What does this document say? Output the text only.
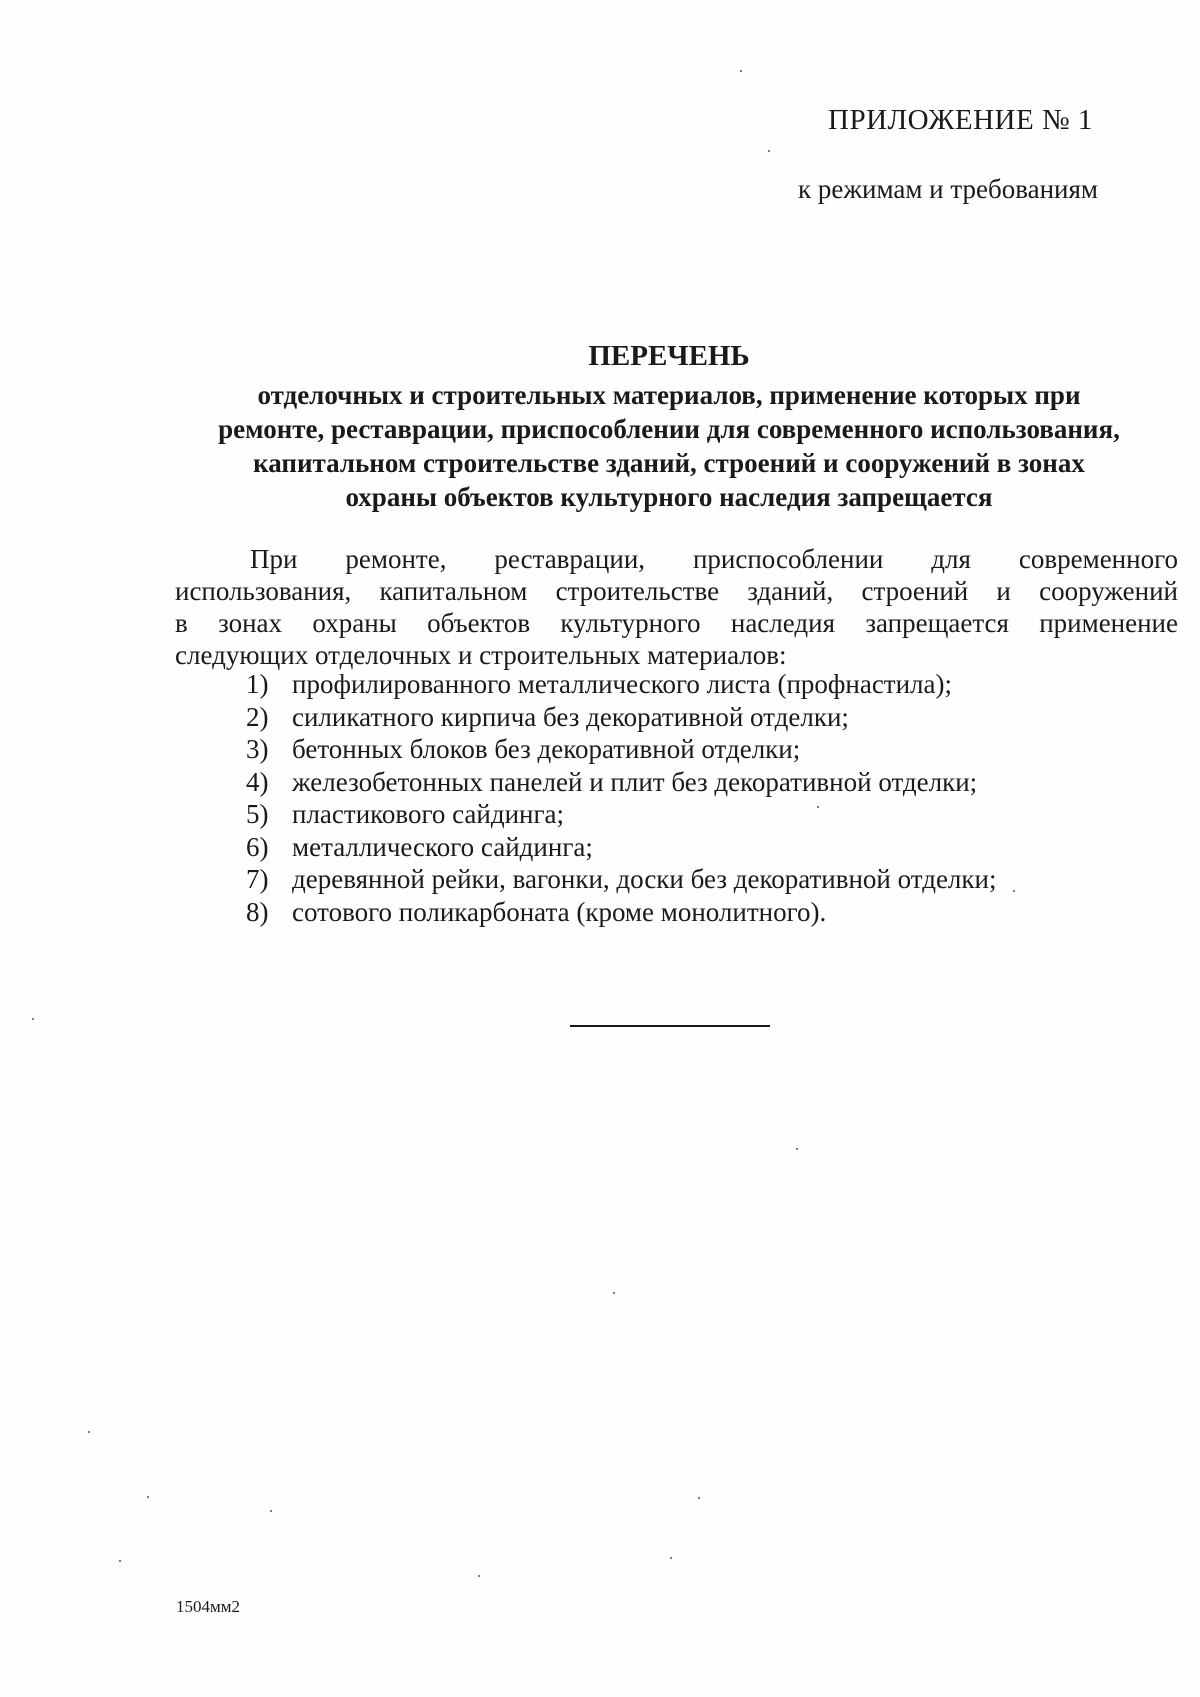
ПРИЛОЖЕНИЕ № 1
к режимам и требованиям
ПЕРЕЧЕНЬ
отделочных и строительных материалов, применение которых при
ремонте, реставрации, приспособлении для современного использования,
капитальном строительстве зданий, строений и сооружений в зонах
охраны объектов культурного наследия запрещается
При ремонте, реставрации, приспособлении для современного
использования, капитальном строительстве зданий, строений и сооружений
в зонах охраны объектов культурного наследия запрещается применение
следующих отделочных и строительных материалов:
1) профилированного металлического листа (профнастила);
2) силикатного кирпича без декоративной отделки;
3) бетонных блоков без декоративной отделки;
4) железобетонных панелей и плит без декоративной отделки;
5) пластикового сайдинга;
6) металлического сайдинга;
7) деревянной рейки, вагонки, доски без декоративной отделки;
8) сотового поликарбоната (кроме монолитного).
1504мм2
